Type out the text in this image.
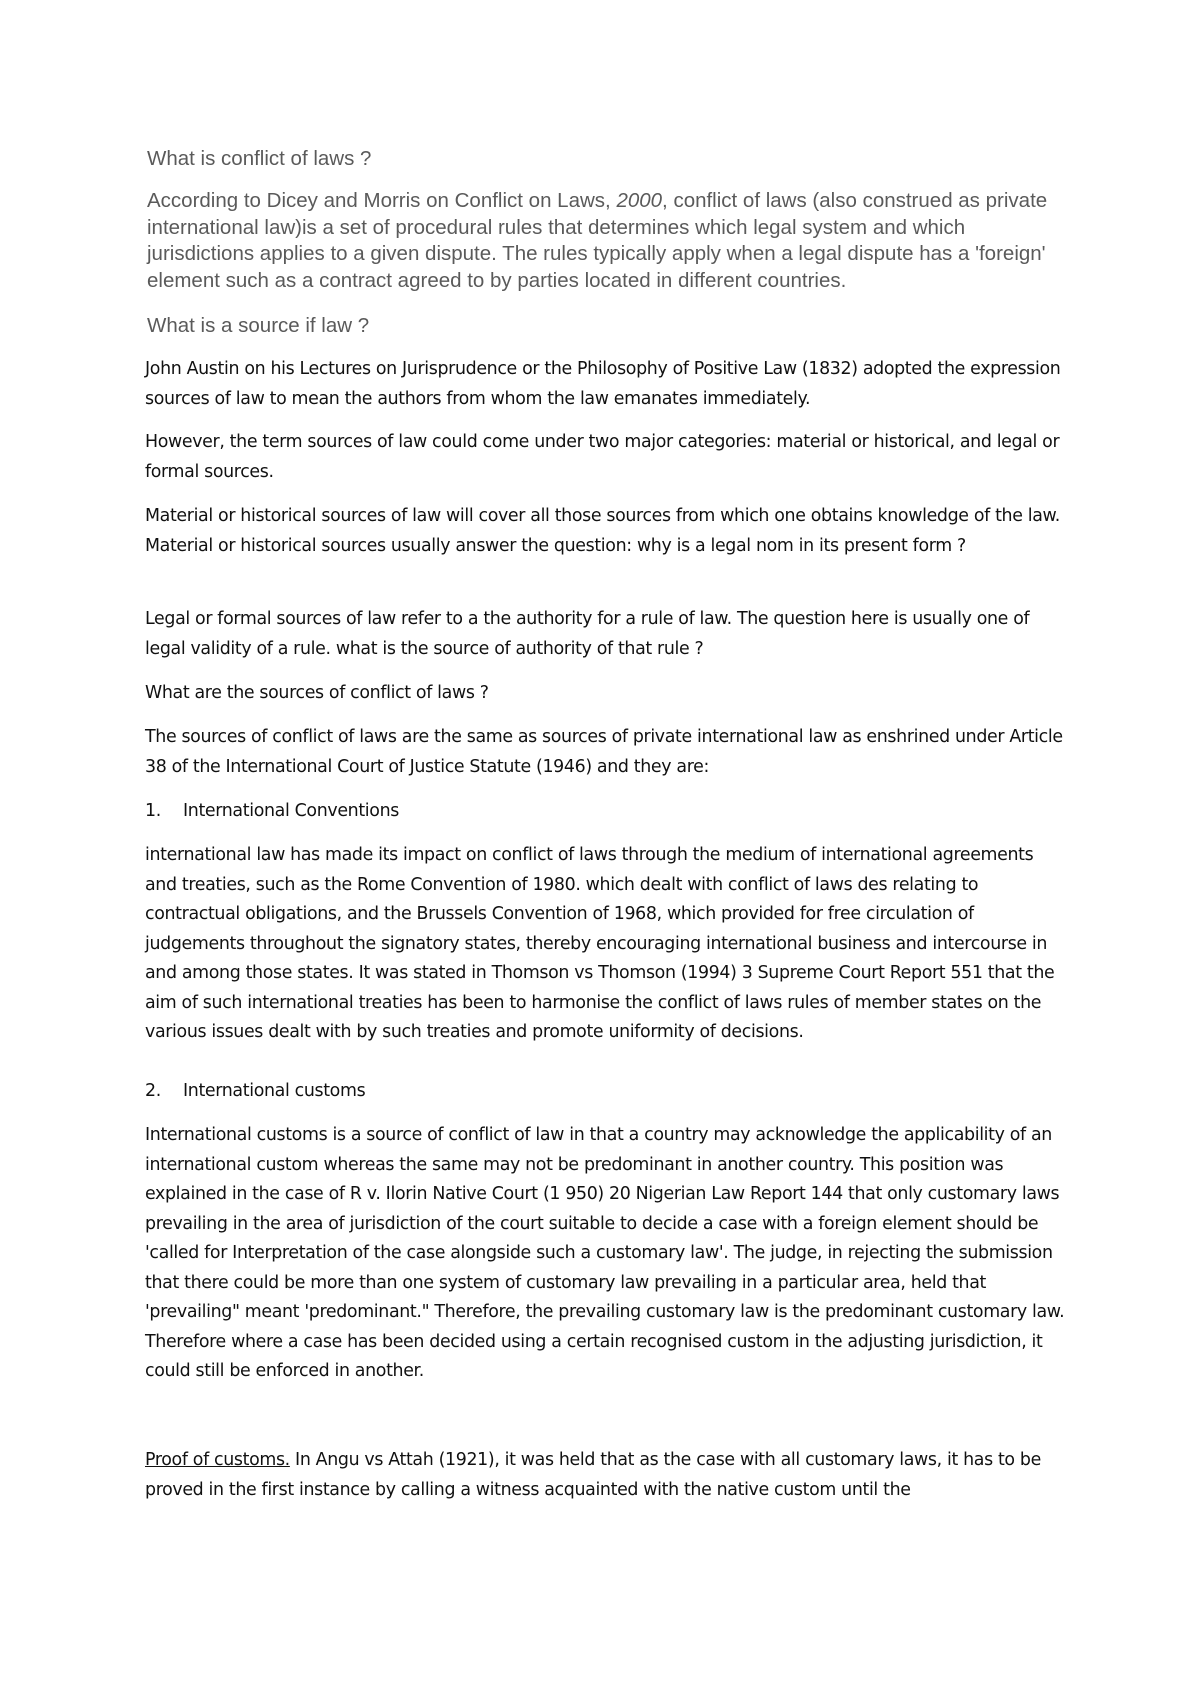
What is conflict of laws ?

According to Dicey and Morris on Conflict on Laws, 2000, conflict of laws (also construed as private international law)is a set of procedural rules that determines which legal system and which jurisdictions applies to a given dispute. The rules typically apply when a legal dispute has a 'foreign' element such as a contract agreed to by parties located in different countries.

What is a source if law ?

John Austin on his Lectures on Jurisprudence or the Philosophy of Positive Law (1832) adopted the expression sources of law to mean the authors from whom the law emanates immediately.

However, the term sources of law could come under two major categories: material or historical, and legal or formal sources.

Material or historical sources of law will cover all those sources from which one obtains knowledge of the law. Material or historical sources usually answer the question: why is a legal nom in its present form ?

Legal or formal sources of law refer to a the authority for a rule of law. The question here is usually one of legal validity of a rule. what is the source of authority of that rule ?

What are the sources of conflict of laws ?

The sources of conflict of laws are the same as sources of private international law as enshrined under Article 38 of the International Court of Justice Statute (1946) and they are:

1. International Conventions

international law has made its impact on conflict of laws through the medium of international agreements and treaties, such as the Rome Convention of 1980. which dealt with conflict of laws des relating to contractual obligations, and the Brussels Convention of 1968, which provided for free circulation of judgements throughout the signatory states, thereby encouraging international business and intercourse in and among those states. It was stated in Thomson vs Thomson (1994) 3 Supreme Court Report 551 that the aim of such international treaties has been to harmonise the conflict of laws rules of member states on the various issues dealt with by such treaties and promote uniformity of decisions.

2. International customs

International customs is a source of conflict of law in that a country may acknowledge the applicability of an international custom whereas the same may not be predominant in another country. This position was explained in the case of R v. Ilorin Native Court (1 950) 20 Nigerian Law Report 144 that only customary laws prevailing in the area of jurisdiction of the court suitable to decide a case with a foreign element should be 'called for Interpretation of the case alongside such a customary law'. The judge, in rejecting the submission that there could be more than one system of customary law prevailing in a particular area, held that 'prevailing" meant 'predominant." Therefore, the prevailing customary law is the predominant customary law. Therefore where a case has been decided using a certain recognised custom in the adjusting jurisdiction, it could still be enforced in another.

Proof of customs. In Angu vs Attah (1921), it was held that as the case with all customary laws, it has to be proved in the first instance by calling a witness acquainted with the native custom until the
